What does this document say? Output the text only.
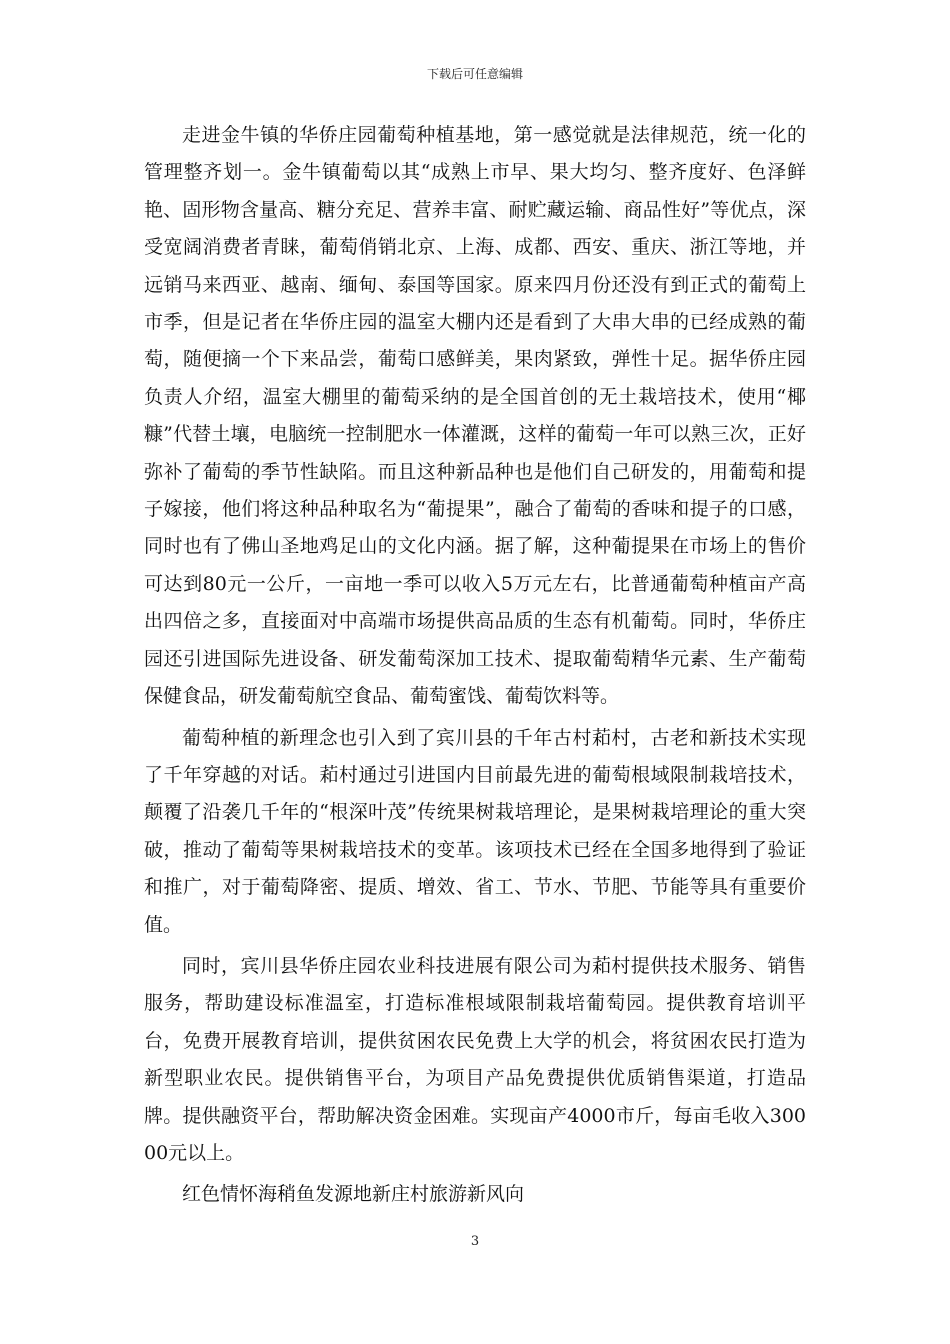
下载后可任意编辑

走进金牛镇的华侨庄园葡萄种植基地，第一感觉就是法律规范，统一化的管理整齐划一。金牛镇葡萄以其“成熟上市早、果大均匀、整齐度好、色泽鲜艳、固形物含量高、糖分充足、营养丰富、耐贮藏运输、商品性好”等优点，深受宽阔消费者青睐，葡萄俏销北京、上海、成都、西安、重庆、浙江等地，并远销马来西亚、越南、缅甸、泰国等国家。原来四月份还没有到正式的葡萄上市季，但是记者在华侨庄园的温室大棚内还是看到了大串大串的已经成熟的葡萄，随便摘一个下来品尝，葡萄口感鲜美，果肉紧致，弹性十足。据华侨庄园负责人介绍，温室大棚里的葡萄采纳的是全国首创的无土栽培技术，使用“椰糠”代替土壤，电脑统一控制肥水一体灌溉，这样的葡萄一年可以熟三次，正好弥补了葡萄的季节性缺陷。而且这种新品种也是他们自己研发的，用葡萄和提子嫁接，他们将这种品种取名为“葡提果”，融合了葡萄的香味和提子的口感，同时也有了佛山圣地鸡足山的文化内涵。据了解，这种葡提果在市场上的售价可达到80元一公斤，一亩地一季可以收入5万元左右，比普通葡萄种植亩产高出四倍之多，直接面对中高端市场提供高品质的生态有机葡萄。同时，华侨庄园还引进国际先进设备、研发葡萄深加工技术、提取葡萄精华元素、生产葡萄保健食品，研发葡萄航空食品、葡萄蜜饯、葡萄饮料等。

葡萄种植的新理念也引入到了宾川县的千年古村萂村，古老和新技术实现了千年穿越的对话。萂村通过引进国内目前最先进的葡萄根域限制栽培技术，颠覆了沿袭几千年的“根深叶茂”传统果树栽培理论，是果树栽培理论的重大突破，推动了葡萄等果树栽培技术的变革。该项技术已经在全国多地得到了验证和推广，对于葡萄降密、提质、增效、省工、节水、节肥、节能等具有重要价值。

同时，宾川县华侨庄园农业科技进展有限公司为萂村提供技术服务、销售服务，帮助建设标准温室，打造标准根域限制栽培葡萄园。提供教育培训平台，免费开展教育培训，提供贫困农民免费上大学的机会，将贫困农民打造为新型职业农民。提供销售平台，为项目产品免费提供优质销售渠道，打造品牌。提供融资平台，帮助解决资金困难。实现亩产4000市斤，每亩毛收入30000元以上。

红色情怀海稍鱼发源地新庄村旅游新风向

3
